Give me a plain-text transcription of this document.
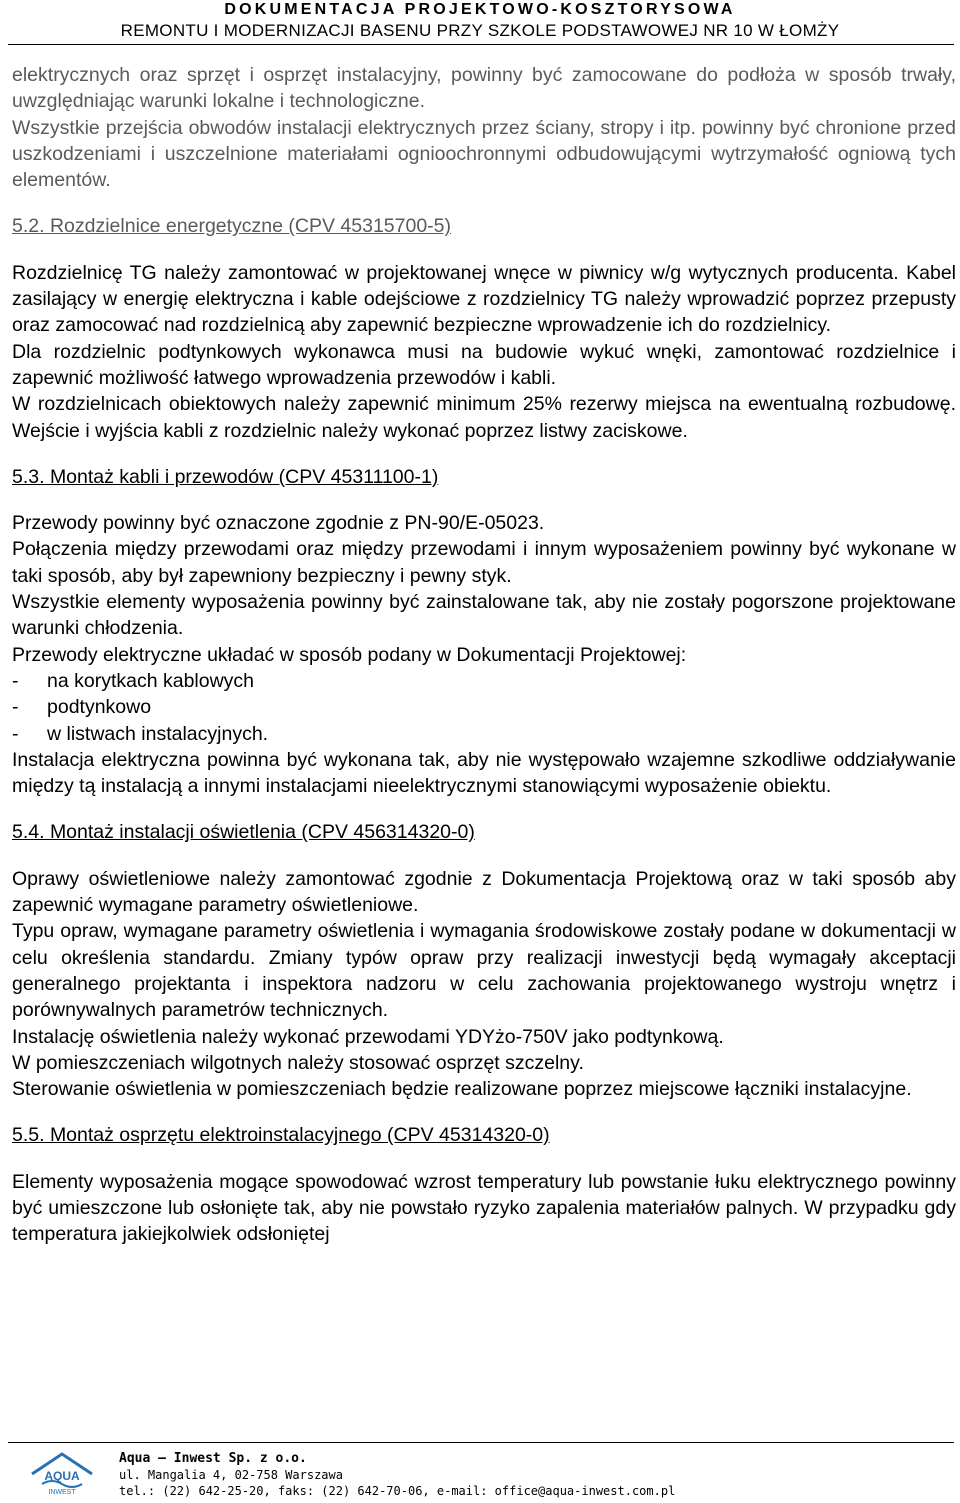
DOKUMENTACJA PROJEKTOWO-KOSZTORYSOWA
REMONTU I MODERNIZACJI BASENU PRZY SZKOLE PODSTAWOWEJ NR 10 W ŁOMŻY

elektrycznych oraz sprzęt i osprzęt instalacyjny, powinny być zamocowane do podłoża w sposób trwały, uwzględniając warunki lokalne i technologiczne.

Wszystkie przejścia obwodów instalacji elektrycznych przez ściany, stropy i itp. powinny być chronione przed uszkodzeniami i uszczelnione materiałami ognioochronnymi odbudowującymi wytrzymałość ogniową tych elementów.

5.2. Rozdzielnice energetyczne (CPV 45315700-5)

Rozdzielnicę TG należy zamontować w projektowanej wnęce w piwnicy w/g wytycznych producenta. Kabel zasilający w energię elektryczna i kable odejściowe z rozdzielnicy TG należy wprowadzić poprzez przepusty oraz zamocować nad rozdzielnicą aby zapewnić bezpieczne wprowadzenie ich do rozdzielnicy.

Dla rozdzielnic podtynkowych wykonawca musi na budowie wykuć wnęki, zamontować rozdzielnice i zapewnić możliwość łatwego wprowadzenia przewodów i kabli.

W rozdzielnicach obiektowych należy zapewnić minimum 25% rezerwy miejsca na ewentualną rozbudowę. Wejście i wyjścia kabli z rozdzielnic należy wykonać poprzez listwy zaciskowe.

5.3. Montaż kabli i przewodów (CPV 45311100-1)

Przewody powinny być oznaczone zgodnie z PN-90/E-05023.

Połączenia między przewodami oraz między przewodami i innym wyposażeniem powinny być wykonane w taki sposób, aby był zapewniony bezpieczny i pewny styk.

Wszystkie elementy wyposażenia powinny być zainstalowane tak, aby nie zostały pogorszone projektowane warunki chłodzenia.

Przewody elektryczne układać w sposób podany w Dokumentacji Projektowej:

-	na korytkach kablowych
-	podtynkowo
-	w listwach instalacyjnych.

Instalacja elektryczna powinna być wykonana tak, aby nie występowało wzajemne szkodliwe oddziaływanie między tą instalacją a innymi instalacjami nieelektrycznymi stanowiącymi wyposażenie obiektu.

5.4. Montaż instalacji oświetlenia (CPV 456314320-0)

Oprawy oświetleniowe należy zamontować zgodnie z Dokumentacja Projektową oraz w taki sposób aby zapewnić wymagane parametry oświetleniowe.

Typu opraw, wymagane parametry oświetlenia i wymagania środowiskowe zostały podane w dokumentacji w celu określenia standardu. Zmiany typów opraw przy realizacji inwestycji będą wymagały akceptacji generalnego projektanta i inspektora nadzoru w celu zachowania projektowanego wystroju wnętrz i porównywalnych parametrów technicznych.

Instalację oświetlenia należy wykonać przewodami YDYżo-750V jako podtynkową.

W pomieszczeniach wilgotnych należy stosować osprzęt szczelny.

Sterowanie oświetlenia w pomieszczeniach będzie realizowane poprzez miejscowe łączniki instalacyjne.

5.5. Montaż osprzętu elektroinstalacyjnego (CPV 45314320-0)

Elementy wyposażenia mogące spowodować wzrost temperatury lub powstanie łuku elektrycznego powinny być umieszczone lub osłonięte tak, aby nie powstało ryzyko zapalenia materiałów palnych. W przypadku gdy temperatura jakiejkolwiek odsłoniętej

AQUA
INWEST
Aqua – Inwest Sp. z o.o.
ul. Mangalia 4, 02-758 Warszawa
tel.: (22) 642-25-20, faks: (22) 642-70-06, e-mail: office@aqua-inwest.com.pl
